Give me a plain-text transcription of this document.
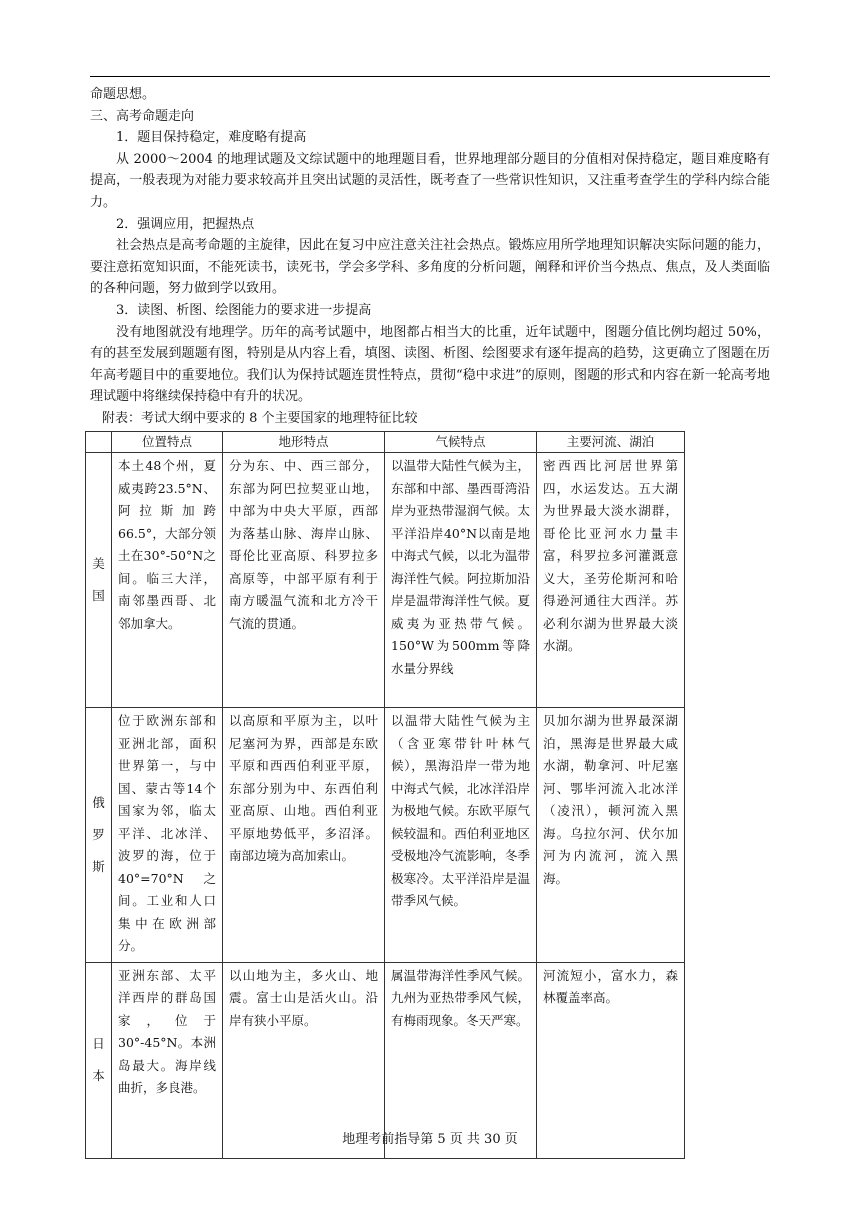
命题思想。

三、高考命题走向

1．题目保持稳定，难度略有提高

从 2000～2004 的地理试题及文综试题中的地理题目看，世界地理部分题目的分值相对保持稳定，题目难度略有提高，一般表现为对能力要求较高并且突出试题的灵活性，既考查了一些常识性知识，又注重考查学生的学科内综合能力。

2．强调应用，把握热点

社会热点是高考命题的主旋律，因此在复习中应注意关注社会热点。锻炼应用所学地理知识解决实际问题的能力，要注意拓宽知识面，不能死读书，读死书，学会多学科、多角度的分析问题，阐释和评价当今热点、焦点，及人类面临的各种问题，努力做到学以致用。

3．读图、析图、绘图能力的要求进一步提高

没有地图就没有地理学。历年的高考试题中，地图都占相当大的比重，近年试题中，图题分值比例均超过 50%，有的甚至发展到题题有图，特别是从内容上看，填图、读图、析图、绘图要求有逐年提高的趋势，这更确立了图题在历年高考题目中的重要地位。我们认为保持试题连贯性特点，贯彻“稳中求进”的原则，图题的形式和内容在新一轮高考地理试题中将继续保持稳中有升的状况。

附表：考试大纲中要求的 8 个主要国家的地理特征比较

	位置特点	地形特点	气候特点	主要河流、湖泊

美
国	本土48个州，夏威夷跨23.5°N、阿拉斯加跨66.5°，大部分领土在30°-50°N之间。临三大洋，南邻墨西哥、北邻加拿大。	分为东、中、西三部分，东部为阿巴拉契亚山地，中部为中央大平原，西部为落基山脉、海岸山脉、哥伦比亚高原、科罗拉多高原等，中部平原有利于南方暖温气流和北方冷干气流的贯通。	以温带大陆性气候为主，东部和中部、墨西哥湾沿岸为亚热带湿润气候。太平洋沿岸40°N以南是地中海式气候，以北为温带海洋性气候。阿拉斯加沿岸是温带海洋性气候。夏威夷为亚热带气候。150°W为500mm等降水量分界线	密西西比河居世界第四，水运发达。五大湖为世界最大淡水湖群，哥伦比亚河水力量丰富，科罗拉多河灌溉意义大，圣劳伦斯河和哈得逊河通往大西洋。苏必利尔湖为世界最大淡水湖。

俄
罗
斯	位于欧洲东部和亚洲北部，面积世界第一，与中国、蒙古等14个国家为邻，临太平洋、北冰洋、波罗的海，位于40°=70°N之间。工业和人口集中在欧洲部分。	以高原和平原为主，以叶尼塞河为界，西部是东欧平原和西西伯利亚平原，东部分别为中、东西伯利亚高原、山地。西伯利亚平原地势低平，多沼泽。南部边境为高加索山。	以温带大陆性气候为主（含亚寒带针叶林气候），黑海沿岸一带为地中海式气候，北冰洋沿岸为极地气候。东欧平原气候较温和。西伯利亚地区受极地冷气流影响，冬季极寒冷。太平洋沿岸是温带季风气候。	贝加尔湖为世界最深湖泊，黑海是世界最大咸水湖，勒拿河、叶尼塞河、鄂毕河流入北冰洋（凌汛），顿河流入黑海。乌拉尔河、伏尔加河为内流河，流入黑海。

日
本	亚洲东部、太平洋西岸的群岛国家，位于30°-45°N。本洲岛最大。海岸线曲折，多良港。	以山地为主，多火山、地震。富士山是活火山。沿岸有狭小平原。	属温带海洋性季风气候。九州为亚热带季风气候，有梅雨现象。冬天严寒。	河流短小，富水力，森林覆盖率高。
地理考前指导第 5 页 共 30 页
